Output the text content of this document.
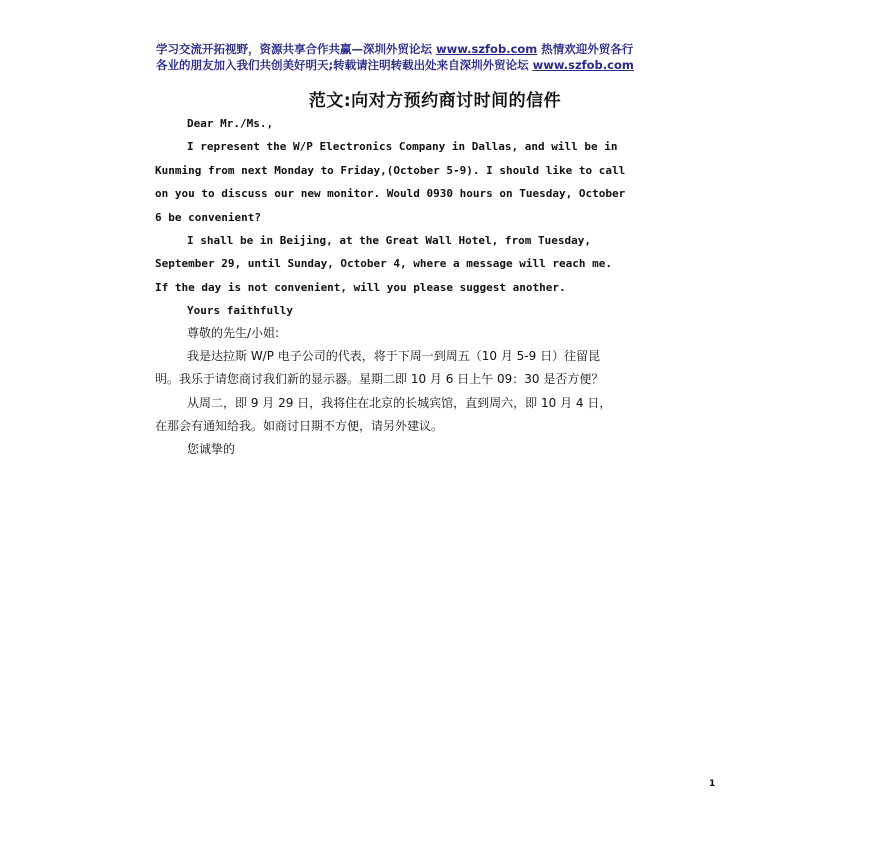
学习交流开拓视野，资源共享合作共赢—深圳外贸论坛 www.szfob.com 热情欢迎外贸各行
各业的朋友加入我们共创美好明天;转载请注明转载出处来自深圳外贸论坛 www.szfob.com
范文:向对方预约商讨时间的信件

Dear Mr./Ms.,

I represent the W/P Electronics Company in Dallas, and will be in

Kunming from next Monday to Friday,(October 5-9). I should like to call

on you to discuss our new monitor. Would 0930 hours on Tuesday, October

6 be convenient?

I shall be in Beijing, at the Great Wall Hotel, from Tuesday,

September 29, until Sunday, October 4, where a message will reach me.

If the day is not convenient, will you please suggest another.

Yours faithfully

尊敬的先生/小姐:

我是达拉斯 W/P 电子公司的代表，将于下周一到周五（10 月 5-9 日）往留昆

明。我乐于请您商讨我们新的显示器。星期二即 10 月 6 日上午 09：30 是否方便？

从周二，即 9 月 29 日，我将住在北京的长城宾馆，直到周六，即 10 月 4 日，

在那会有通知给我。如商讨日期不方便，请另外建议。

您诚挚的

1
